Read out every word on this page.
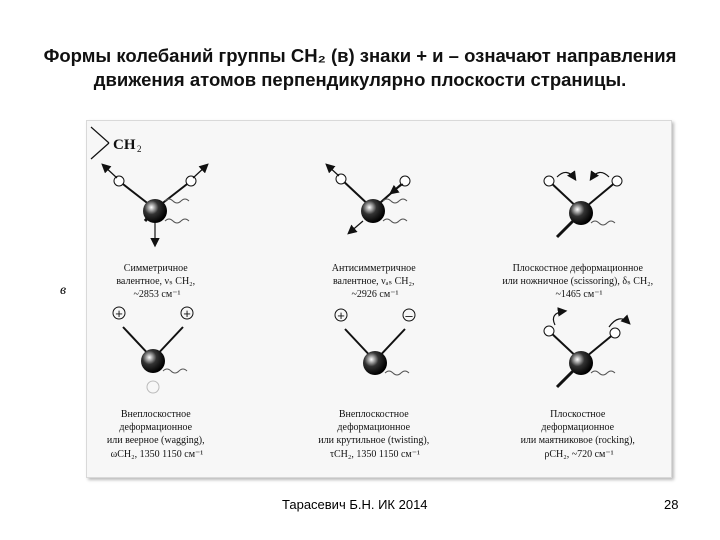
Формы колебаний группы СН₂ (в) знаки + и – означают направления
движения атомов перпендикулярно плоскости страницы.
в
CH 2
Симметричное валентное, νₛ CH₂, ~2853 см⁻¹
Антисимметричное валентное, νₐₛ CH₂, ~2926 см⁻¹
Плоскостное деформационное или ножничное (scissoring), δₛ CH₂, ~1465 см⁻¹
+	+
Внеплоскостное деформационное или веерное (wagging), ωCH₂, 1350 1150 см⁻¹
+	–
Внеплоскостное деформационное или крутильное (twisting), τCH₂, 1350 1150 см⁻¹
Плоскостное деформационное или маятниковое (rocking), ρCH₂, ~720 см⁻¹
Тарасевич Б.Н. ИК 2014	28
